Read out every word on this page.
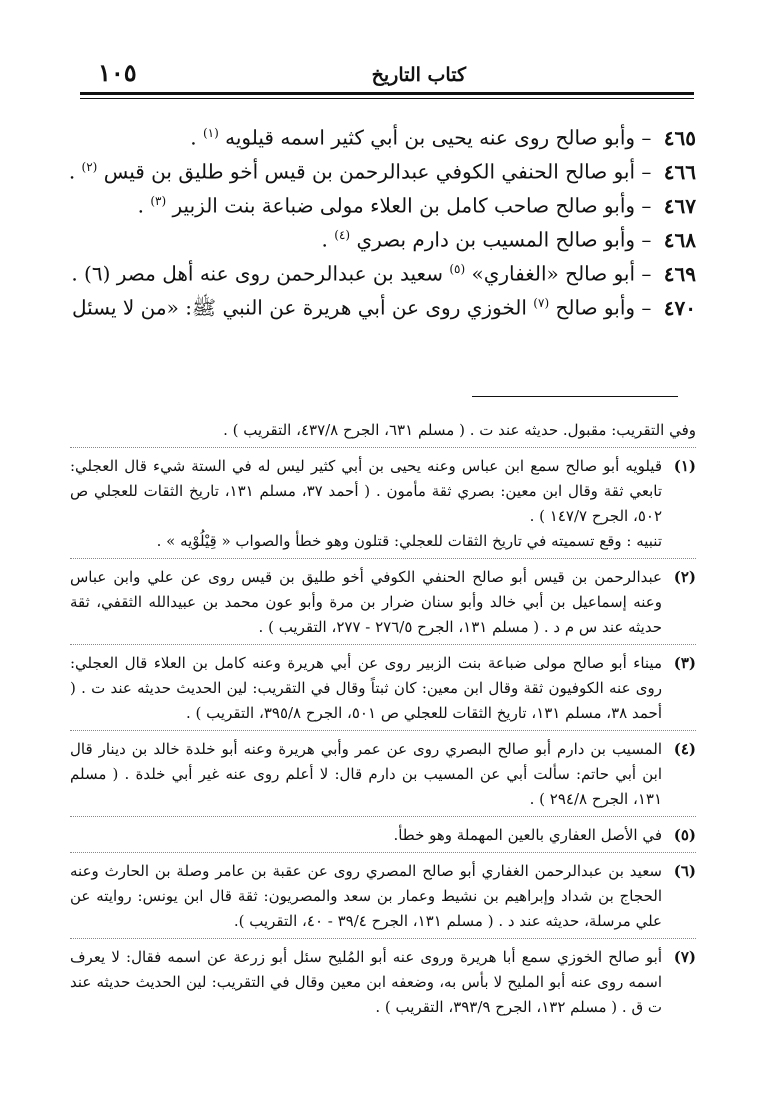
كتاب التاريخ
١٠٥
٤٦٥ – وأبو صالح روى عنه يحيى بن أبي كثير اسمه قيلويه $^{(١)}$ .
٤٦٦ – أبو صالح الحنفي الكوفي عبدالرحمن بن قيس أخو طليق بن قيس $^{(٢)}$ .
٤٦٧ – وأبو صالح صاحب كامل بن العلاء مولى ضباعة بنت الزبير $^{(٣)}$ .
٤٦٨ – وأبو صالح المسيب بن دارم بصري $^{(٤)}$ .
٤٦٩ – أبو صالح «الغفاري» $^{(٥)}$ سعيد بن عبدالرحمن روى عنه أهل مصر (٦) .
٤٧٠ – وأبو صالح $^{(٧)}$ الخوزي روى عن أبي هريرة عن النبي ﷺ: «من لا يسئل
وفي التقريب: مقبول. حديثه عند ت . ( مسلم ٦٣١، الجرح ٤٣٧/٨، التقريب ) .
(١)
قيلويه أبو صالح سمع ابن عباس وعنه يحيى بن أبي كثير ليس له في الستة شيء قال العجلي: تابعي ثقة وقال ابن معين: بصري ثقة مأمون . ( أحمد ٣٧، مسلم ١٣١، تاريخ الثقات للعجلي ص ٥٠٢، الجرح ١٤٧/٧ ) .
تنبيه : وقع تسميته في تاريخ الثقات للعجلي: قتلون وهو خطأ والصواب « قِيْلُوْيه » .
(٢)
عبدالرحمن بن قيس أبو صالح الحنفي الكوفي أخو طليق بن قيس روى عن علي وابن عباس وعنه إسماعيل بن أبي خالد وأبو سنان ضرار بن مرة وأبو عون محمد بن عبيدالله الثقفي، ثقة حديثه عند س م د . ( مسلم ١٣١، الجرح ٢٧٦/٥ - ٢٧٧، التقريب ) .
(٣)
ميناء أبو صالح مولى ضباعة بنت الزبير روى عن أبي هريرة وعنه كامل بن العلاء قال العجلي: روى عنه الكوفيون ثقة وقال ابن معين: كان ثبتاً وقال في التقريب: لين الحديث حديثه عند ت . ( أحمد ٣٨، مسلم ١٣١، تاريخ الثقات للعجلي ص ٥٠١، الجرح ٣٩٥/٨، التقريب ) .
(٤)
المسيب بن دارم أبو صالح البصري روى عن عمر وأبي هريرة وعنه أبو خلدة خالد بن دينار قال ابن أبي حاتم: سألت أبي عن المسيب بن دارم قال: لا أعلم روى عنه غير أبي خلدة . ( مسلم ١٣١، الجرح ٢٩٤/٨ ) .
(٥)
في الأصل العفاري بالعين المهملة وهو خطأ.
(٦)
سعيد بن عبدالرحمن الغفاري أبو صالح المصري روى عن عقبة بن عامر وصلة بن الحارث وعنه الحجاج بن شداد وإبراهيم بن نشيط وعمار بن سعد والمصريون: ثقة قال ابن يونس: روايته عن علي مرسلة، حديثه عند د . ( مسلم ١٣١، الجرح ٣٩/٤ - ٤٠، التقريب ).
(٧)
أبو صالح الخوزي سمع أبا هريرة وروى عنه أبو المُليح سئل أبو زرعة عن اسمه فقال: لا يعرف اسمه روى عنه أبو المليح لا بأس به، وضعفه ابن معين وقال في التقريب: لين الحديث حديثه عند ت ق . ( مسلم ١٣٢، الجرح ٣٩٣/٩، التقريب ) .
